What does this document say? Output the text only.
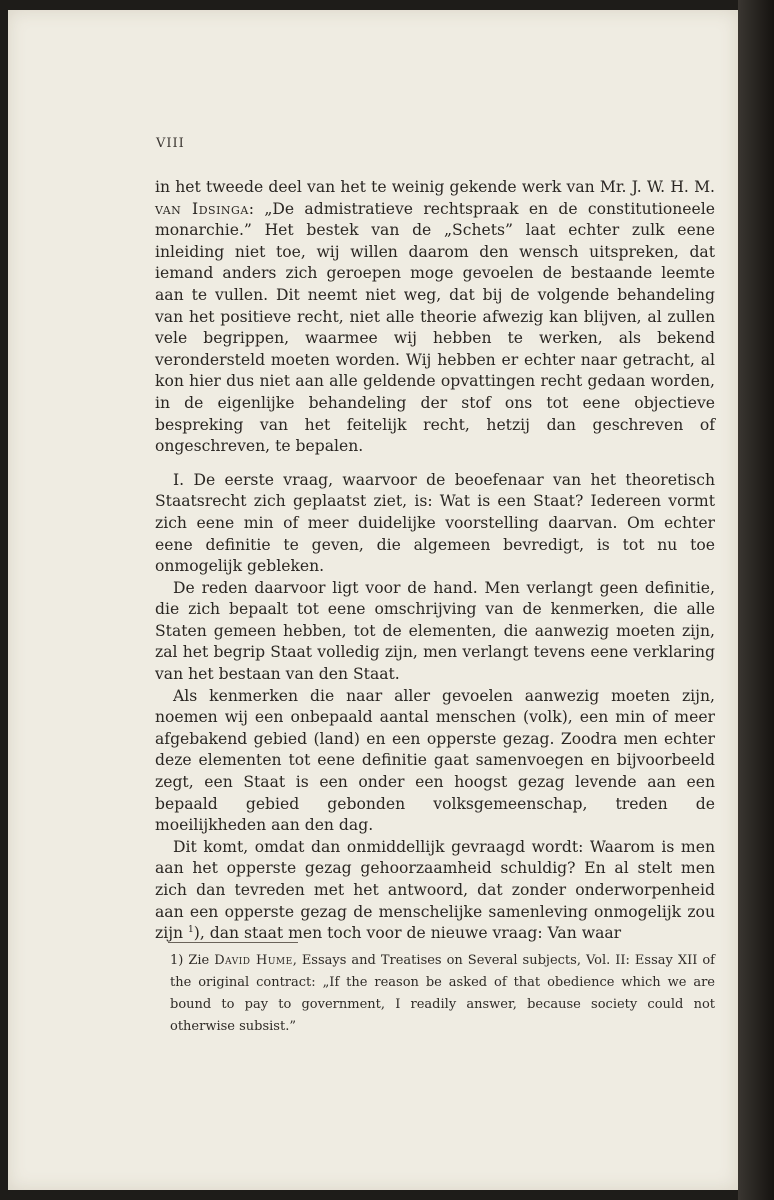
VIII

in het tweede deel van het te weinig gekende werk van Mr. J. W. H. M. van Idsinga: „De admistratieve rechtspraak en de constitutioneele monarchie.” Het bestek van de „Schets” laat echter zulk eene inleiding niet toe, wij willen daarom den wensch uitspreken, dat iemand anders zich geroepen moge gevoelen de bestaande leemte aan te vullen. Dit neemt niet weg, dat bij de volgende behandeling van het positieve recht, niet alle theorie afwezig kan blijven, al zullen vele begrippen, waarmee wij hebben te werken, als bekend verondersteld moeten worden. Wij hebben er echter naar getracht, al kon hier dus niet aan alle geldende opvattingen recht gedaan worden, in de eigenlijke behandeling der stof ons tot eene objectieve bespreking van het feitelijk recht, hetzij dan geschreven of ongeschreven, te bepalen.

I. De eerste vraag, waarvoor de beoefenaar van het theoretisch Staatsrecht zich geplaatst ziet, is: Wat is een Staat? Iedereen vormt zich eene min of meer duidelijke voorstelling daarvan. Om echter eene definitie te geven, die algemeen bevredigt, is tot nu toe onmogelijk gebleken.

De reden daarvoor ligt voor de hand. Men verlangt geen definitie, die zich bepaalt tot eene omschrijving van de kenmerken, die alle Staten gemeen hebben, tot de elementen, die aanwezig moeten zijn, zal het begrip Staat volledig zijn, men verlangt tevens eene verklaring van het bestaan van den Staat.

Als kenmerken die naar aller gevoelen aanwezig moeten zijn, noemen wij een onbepaald aantal menschen (volk), een min of meer afgebakend gebied (land) en een opperste gezag. Zoodra men echter deze elementen tot eene definitie gaat samenvoegen en bijvoorbeeld zegt, een Staat is een onder een hoogst gezag levende aan een bepaald gebied gebonden volksgemeenschap, treden de moeilijkheden aan den dag.

Dit komt, omdat dan onmiddellijk gevraagd wordt: Waarom is men aan het opperste gezag gehoorzaamheid schuldig? En al stelt men zich dan tevreden met het antwoord, dat zonder onderworpenheid aan een opperste gezag de menschelijke samenleving onmogelijk zou zijn $^1$), dan staat men toch voor de nieuwe vraag: Van waar

1) Zie David Hume, Essays and Treatises on Several subjects, Vol. II: Essay XII of the original contract: „If the reason be asked of that obedience which we are bound to pay to government, I readily answer, because society could not otherwise subsist.”
